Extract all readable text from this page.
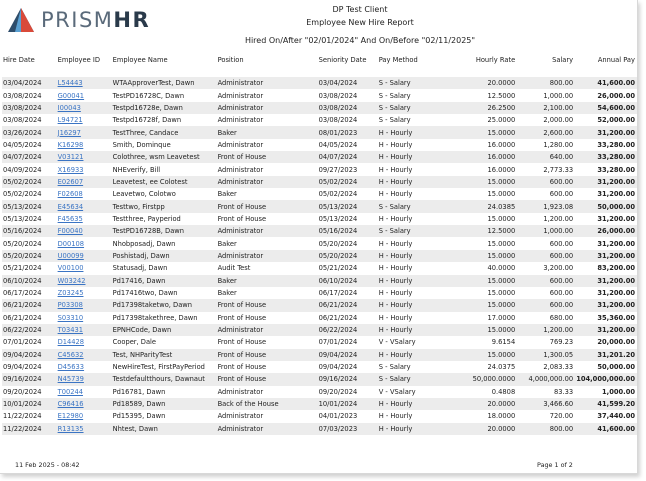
PRISMHR	DP Test Client
Employee New Hire Report
Hired On/After "02/01/2024" And On/Before "02/11/2025"
Hire Date	Employee ID	Employee Name	Position	Seniority Date	Pay Method	Hourly Rate	Salary	Annual Pay
03/04/2024	L54443	WTAApproverTest, Dawn	Administrator	03/04/2024	S - Salary	20.0000	800.00	41,600.00
03/08/2024	G00041	TestPD16728C, Dawn	Administrator	03/08/2024	S - Salary	12.5000	1,000.00	26,000.00
03/08/2024	I00043	Testpd16728e, Dawn	Administrator	03/08/2024	S - Salary	26.2500	2,100.00	54,600.00
03/08/2024	L94721	Testpd16728f, Dawn	Administrator	03/08/2024	S - Salary	25.0000	2,000.00	52,000.00
03/26/2024	J16297	TestThree, Candace	Baker	08/01/2023	H - Hourly	15.0000	2,600.00	31,200.00
04/05/2024	K16298	Smith, Dominque	Administrator	04/05/2024	H - Hourly	16.0000	1,280.00	33,280.00
04/07/2024	V03121	Colothree, wsm Leavetest	Front of House	04/07/2024	H - Hourly	16.0000	640.00	33,280.00
04/09/2024	X16933	NHEverify, Bill	Administrator	09/27/2023	H - Hourly	16.0000	2,773.33	33,280.00
05/02/2024	E02607	Leavetest, ee Colotest	Administrator	05/02/2024	H - Hourly	15.0000	600.00	31,200.00
05/02/2024	F02608	Leavetwo, Colotwo	Baker	05/02/2024	H - Hourly	15.0000	600.00	31,200.00
05/13/2024	E45634	Testtwo, Firstpp	Front of House	05/13/2024	S - Salary	24.0385	1,923.08	50,000.00
05/13/2024	F45635	Testthree, Payperiod	Front of House	05/13/2024	H - Hourly	15.0000	1,200.00	31,200.00
05/16/2024	F00040	TestPD16728B, Dawn	Administrator	05/16/2024	S - Salary	12.5000	1,000.00	26,000.00
05/20/2024	D00108	Nhobposadj, Dawn	Baker	05/20/2024	H - Hourly	15.0000	600.00	31,200.00
05/20/2024	U00099	Poshistadj, Dawn	Administrator	05/20/2024	H - Hourly	15.0000	600.00	31,200.00
05/21/2024	V00100	Statusadj, Dawn	Audit Test	05/21/2024	H - Hourly	40.0000	3,200.00	83,200.00
06/10/2024	W03242	Pd17416, Dawn	Baker	06/10/2024	H - Hourly	15.0000	600.00	31,200.00
06/17/2024	Z03245	Pd17416two, Dawn	Baker	06/17/2024	H - Hourly	15.0000	600.00	31,200.00
06/21/2024	P03308	Pd17398taketwo, Dawn	Front of House	06/21/2024	H - Hourly	15.0000	600.00	31,200.00
06/21/2024	S03310	Pd17398takethree, Dawn	Front of House	06/21/2024	H - Hourly	17.0000	680.00	35,360.00
06/22/2024	T03431	EPNHCode, Dawn	Administrator	06/22/2024	H - Hourly	15.0000	1,200.00	31,200.00
07/01/2024	D14428	Cooper, Dale	Front of House	07/01/2024	V - VSalary	9.6154	769.23	20,000.00
09/04/2024	C45632	Test, NHParityTest	Front of House	09/04/2024	H - Hourly	15.0000	1,300.05	31,201.20
09/04/2024	D45633	NewHireTest, FirstPayPeriod	Front of House	09/04/2024	S - Salary	24.0375	2,083.33	50,000.00
09/16/2024	N45739	Testdefaultthours, Dawnaut	Front of House	09/16/2024	S - Salary	50,000.0000	4,000,000.00	104,000,000.00
09/20/2024	T00244	Pd16781, Dawn	Administrator	09/20/2024	V - VSalary	0.4808	83.33	1,000.00
10/01/2024	C96416	Pd18589, Dawn	Back of the House	10/01/2024	H - Hourly	20.0000	3,466.60	41,599.20
11/22/2024	E12980	Pd15395, Dawn	Administrator	04/01/2023	H - Hourly	18.0000	720.00	37,440.00
11/22/2024	R13135	Nhtest, Dawn	Administrator	07/03/2023	H - Hourly	20.0000	800.00	41,600.00
11 Feb 2025 - 08:42	Page 1 of 2
